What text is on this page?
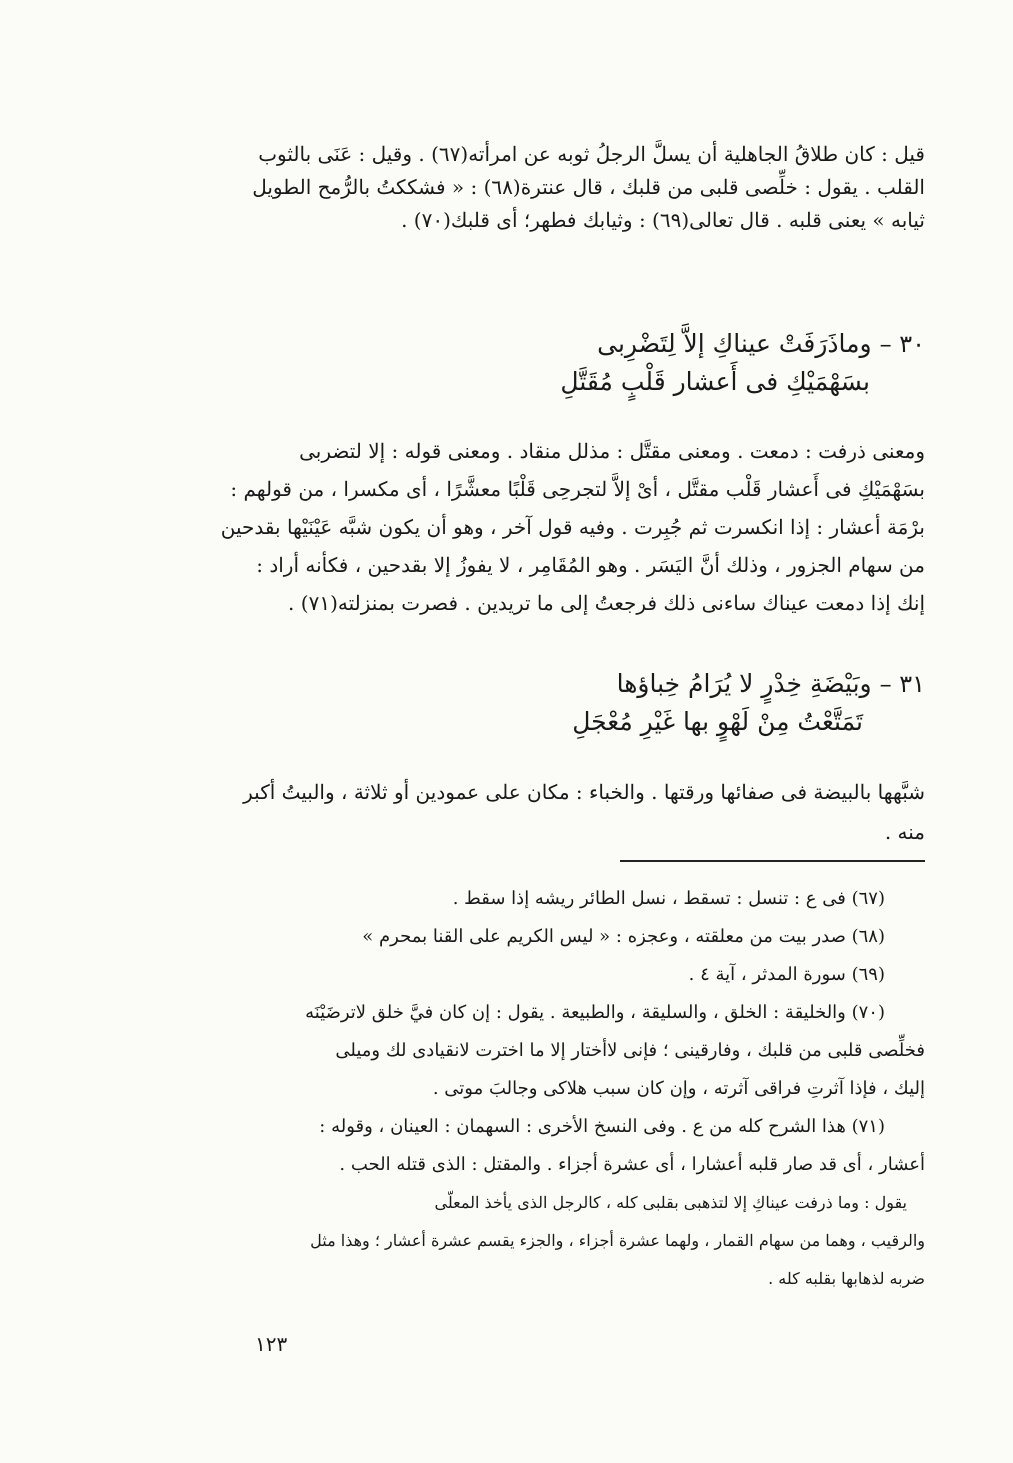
قيل : كان طلاقُ الجاهلية أن يسلَّ الرجلُ ثوبه عن امرأته(٦٧) . وقيل : عَنَى بالثوب
القلب . يقول : خلِّصى قلبى من قلبك ، قال عنترة(٦٨) : « فشككتُ بالرُّمح الطويل
ثيابه » يعنى قلبه . قال تعالى(٦٩) : وثيابك فطهر؛ أى قلبك(٧٠) .
٣٠ – وماذَرَفَتْ عيناكِ إلاَّ لِتَضْرِبى
بسَهْمَيْكِ فى أَعشار قَلْبٍ مُقَتَّلِ
ومعنى ذرفت : دمعت . ومعنى مقتَّل : مذلل منقاد . ومعنى قوله : إلا لتضربى
بسَهْمَيْكِ فى أَعشار قَلْب مقتَّل ، أىْ إلاَّ لتجرحِى قَلْبًا معشَّرًا ، أى مكسرا ، من قولهم :
برْمَة أعشار : إذا انكسرت ثم جُبِرت . وفيه قول آخر ، وهو أن يكون شبَّه عَيْنَيْها بقدحين
من سهام الجزور ، وذلك أنَّ اليَسَر . وهو المُقَامِر ، لا يفوزُ إلا بقدحين ، فكأنه أراد :
إنك إذا دمعت عيناك ساءنى ذلك فرجعتُ إلى ما تريدين . فصرت بمنزلته(٧١) .
٣١ – وبَيْضَةِ خِدْرٍ لا يُرَامُ خِباؤها
تَمَتَّعْتُ مِنْ لَهْوٍ بها غَيْرِ مُعْجَلِ
شبَّهها بالبيضة فى صفائها ورقتها . والخباء : مكان على عمودين أو ثلاثة ، والبيتُ أكبر
منه .
(٦٧) فى ع : تنسل : تسقط ، نسل الطائر ريشه إذا سقط .
(٦٨) صدر بيت من معلقته ، وعجزه : « ليس الكريم على القنا بمحرم »
(٦٩) سورة المدثر ، آية ٤ .
(٧٠) والخليقة : الخلق ، والسليقة ، والطبيعة . يقول : إن كان فيَّ خلق لاترضَيْنَه
فخلِّصى قلبى من قلبك ، وفارقينى ؛ فإنى لاأختار إلا ما اخترت لانقيادى لك وميلى
إليك ، فإذا آثرتِ فراقى آثرته ، وإن كان سبب هلاكى وجالبَ موتى .
(٧١) هذا الشرح كله من ع . وفى النسخ الأخرى : السهمان : العينان ، وقوله :
أعشار ، أى قد صار قلبه أعشارا ، أى عشرة أجزاء . والمقتل : الذى قتله الحب .
يقول : وما ذرفت عيناكِ إلا لتذهبى بقلبى كله ، كالرجل الذى يأخذ المعلّى
والرقيب ، وهما من سهام القمار ، ولهما عشرة أجزاء ، والجزء يقسم عشرة أعشار ؛ وهذا مثل
ضربه لذهابها بقلبه كله .
١٢٣
